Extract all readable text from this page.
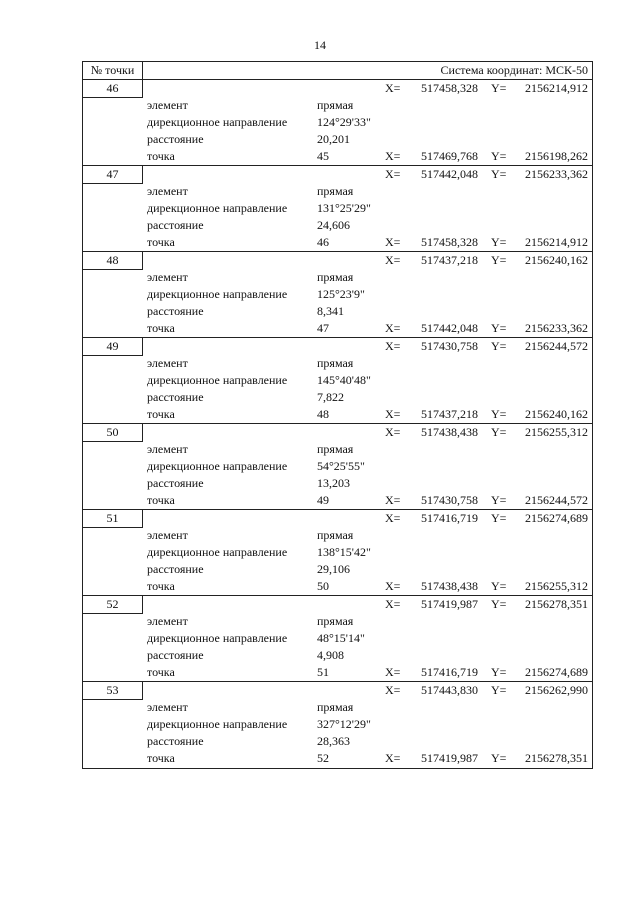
14
№ точки	Система координат: МСК-50
46	X= 517458,328 Y= 2156214,912
элемент	прямая
дирекционное направление 124°29'33"
расстояние	20,201
точка	45	X= 517469,768 Y= 2156198,262
47	X= 517442,048 Y= 2156233,362
элемент	прямая
дирекционное направление 131°25'29"
расстояние	24,606
точка	46	X= 517458,328 Y= 2156214,912
48	X= 517437,218 Y= 2156240,162
элемент	прямая
дирекционное направление 125°23'9"
расстояние	8,341
точка	47	X= 517442,048 Y= 2156233,362
49	X= 517430,758 Y= 2156244,572
элемент	прямая
дирекционное направление 145°40'48"
расстояние	7,822
точка	48	X= 517437,218 Y= 2156240,162
50	X= 517438,438 Y= 2156255,312
элемент	прямая
дирекционное направление 54°25'55"
расстояние	13,203
точка	49	X= 517430,758 Y= 2156244,572
51	X= 517416,719 Y= 2156274,689
элемент	прямая
дирекционное направление 138°15'42"
расстояние	29,106
точка	50	X= 517438,438 Y= 2156255,312
52	X= 517419,987 Y= 2156278,351
элемент	прямая
дирекционное направление 48°15'14"
расстояние	4,908
точка	51	X= 517416,719 Y= 2156274,689
53	X= 517443,830 Y= 2156262,990
элемент	прямая
дирекционное направление 327°12'29"
расстояние	28,363
точка	52	X= 517419,987 Y= 2156278,351
